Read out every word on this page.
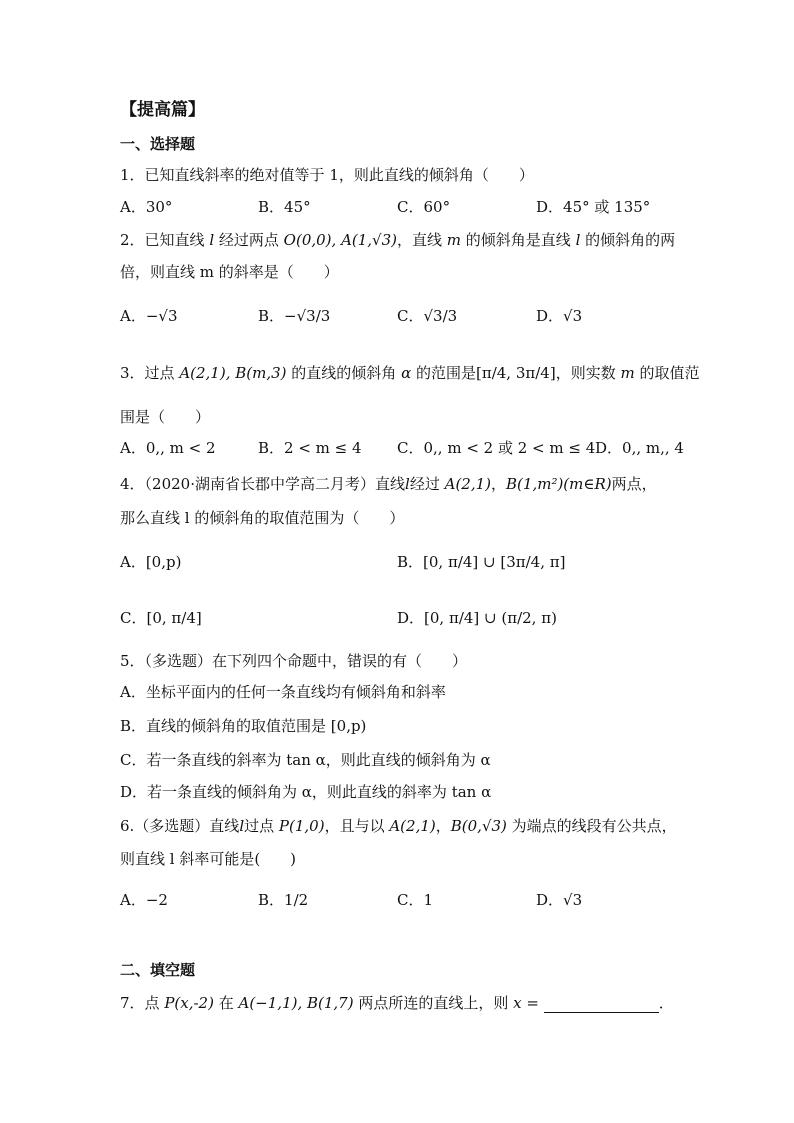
【提高篇】
一、选择题
1．已知直线斜率的绝对值等于 1，则此直线的倾斜角（　　）
A．30°	B．45°	C．60°	D．45° 或 135°
2．已知直线 l 经过两点 O(0,0), A(1,√3)，直线 m 的倾斜角是直线 l 的倾斜角的两
倍，则直线 m 的斜率是（　　）
A．−√3	B．−√3/3	C．√3/3	D．√3
3．过点 A(2,1), B(m,3) 的直线的倾斜角 α 的范围是[π/4, 3π/4]，则实数 m 的取值范
围是（　　）
A．0,, m < 2	B．2 < m ≤ 4 C．0,, m < 2 或 2 < m ≤ 4 D．0,, m,, 4
4．（2020·湖南省长郡中学高二月考）直线l经过 A(2,1)，B(1,m²)(m∈R)两点，
那么直线 l 的倾斜角的取值范围为（　　）
A．[0,p)	B．[0, π/4] ∪ [3π/4, π]
C．[0, π/4]	D．[0, π/4] ∪ (π/2, π)
5．（多选题）在下列四个命题中，错误的有（　　）
A．坐标平面内的任何一条直线均有倾斜角和斜率
B．直线的倾斜角的取值范围是 [0,p)
C．若一条直线的斜率为 tan α，则此直线的倾斜角为 α
D．若一条直线的倾斜角为 α，则此直线的斜率为 tan α
6.（多选题）直线l过点 P(1,0)，且与以 A(2,1)，B(0,√3) 为端点的线段有公共点，
则直线 l 斜率可能是(　　)
A．−2	B．1/2	C．1	D．√3
二、填空题
7．点 P(x,-2) 在 A(−1,1), B(1,7) 两点所连的直线上，则 x =	．
